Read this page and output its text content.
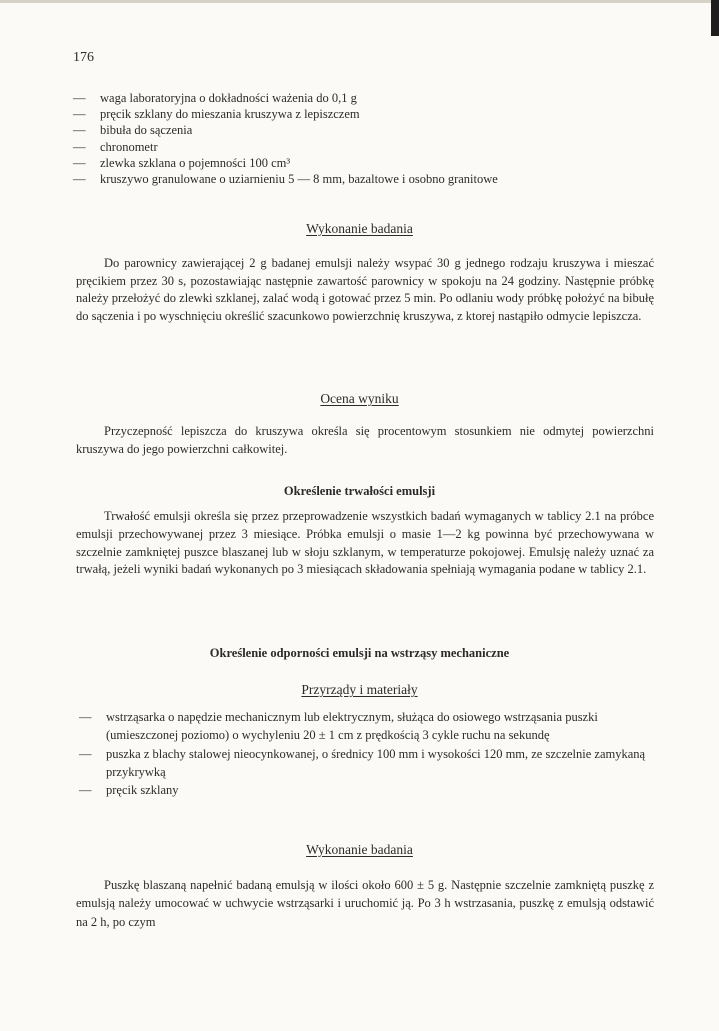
176
— waga laboratoryjna o dokładności ważenia do 0,1 g
— pręcik szklany do mieszania kruszywa z lepiszczem
— bibuła do sączenia
— chronometr
— zlewka szklana o pojemności 100 cm³
— kruszywo granulowane o uziarnieniu 5 — 8 mm, bazaltowe i osobno granitowe
Wykonanie badania

Do parownicy zawierającej 2 g badanej emulsji należy wsypać 30 g jednego rodzaju kruszywa i mieszać pręcikiem przez 30 s, pozostawiając następnie zawartość parownicy w spokoju na 24 godziny. Następnie próbkę należy przełożyć do zlewki szklanej, zalać wodą i gotować przez 5 min. Po odlaniu wody próbkę położyć na bibułę do sączenia i po wyschnięciu określić szacunkowo powierzchnię kruszywa, z ktorej nastąpiło odmycie lepiszcza.

Ocena wyniku

Przyczepność lepiszcza do kruszywa określa się procentowym stosunkiem nie odmytej powierzchni kruszywa do jego powierzchni całkowitej.

Określenie trwałości emulsji

Trwałość emulsji określa się przez przeprowadzenie wszystkich badań wymaganych w tablicy 2.1 na próbce emulsji przechowywanej przez 3 miesiące. Próbka emulsji o masie 1—2 kg powinna być przechowywana w szczelnie zamkniętej puszce blaszanej lub w słoju szklanym, w temperaturze pokojowej. Emulsję należy uznać za trwałą, jeżeli wyniki badań wykonanych po 3 miesiącach składowania spełniają wymagania podane w tablicy 2.1.

Określenie odporności emulsji na wstrząsy mechaniczne
Przyrządy i materiały
— wstrząsarka o napędzie mechanicznym lub elektrycznym, służąca do osiowego wstrząsania puszki (umieszczonej poziomo) o wychyleniu 20 ± 1 cm z prędkością 3 cykle ruchu na sekundę
— puszka z blachy stalowej nieocynkowanej, o średnicy 100 mm i wysokości 120 mm, ze szczelnie zamykaną przykrywką
— pręcik szklany
Wykonanie badania

Puszkę blaszaną napełnić badaną emulsją w ilości około 600 ± 5 g. Następnie szczelnie zamkniętą puszkę z emulsją należy umocować w uchwycie wstrząsarki i uruchomić ją. Po 3 h wstrzasania, puszkę z emulsją odstawić na 2 h, po czym
